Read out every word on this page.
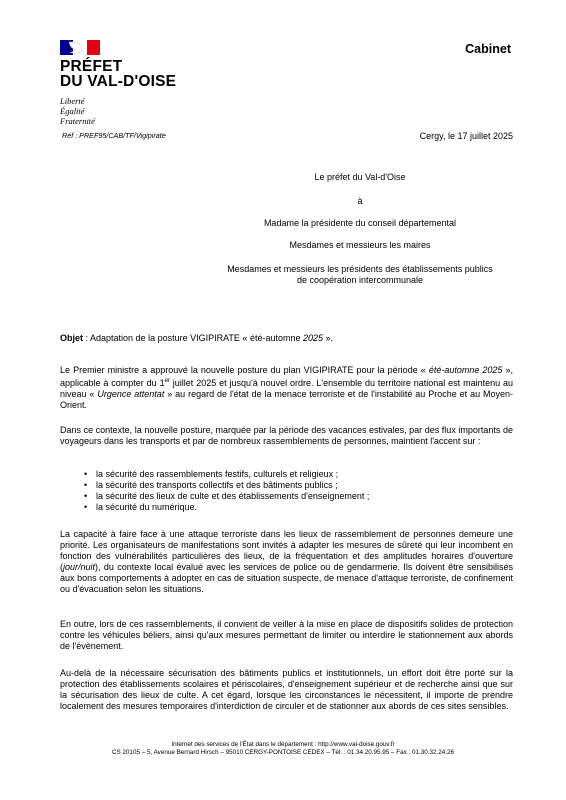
PRÉFET
DU VAL-D'OISE
Liberté
Égalité
Fraternité
Réf : PREF95/CAB/TF/Vigipirate
Cabinet
Cergy, le 17 juillet 2025
Le préfet du Val-d'Oise
à
Madame la présidente du conseil départemental
Mesdames et messieurs les maires
Mesdames et messieurs les présidents des établissements publics
de coopération intercommunale
Objet : Adaptation de la posture VIGIPIRATE « été-automne 2025 ».
Le Premier ministre a approuvé la nouvelle posture du plan VIGIPIRATE pour la période « été-automne 2025 », applicable à compter du 1er juillet 2025 et jusqu'à nouvel ordre. L'ensemble du territoire national est maintenu au niveau « Urgence attentat » au regard de l'état de la menace terroriste et de l'instabilité au Proche et au Moyen-Orient.
Dans ce contexte, la nouvelle posture, marquée par la période des vacances estivales, par des flux importants de voyageurs dans les transports et par de nombreux rassemblements de personnes, maintient l'accent sur :
• la sécurité des rassemblements festifs, culturels et religieux ;
• la sécurité des transports collectifs et des bâtiments publics ;
• la sécurité des lieux de culte et des établissements d'enseignement ;
• la sécurité du numérique.
La capacité à faire face à une attaque terroriste dans les lieux de rassemblement de personnes demeure une priorité. Les organisateurs de manifestations sont invités à adapter les mesures de sûreté qui leur incombent en fonction des vulnérabilités particulières des lieux, de la fréquentation et des amplitudes horaires d'ouverture (jour/nuit), du contexte local évalué avec les services de police ou de gendarmerie. Ils doivent être sensibilisés aux bons comportements à adopter en cas de situation suspecte, de menace d'attaque terroriste, de confinement ou d'évacuation selon les situations.
En outre, lors de ces rassemblements, il convient de veiller à la mise en place de dispositifs solides de protection contre les véhicules béliers, ainsi qu'aux mesures permettant de limiter ou interdire le stationnement aux abords de l'évènement.
Au-delà de la nécessaire sécurisation des bâtiments publics et institutionnels, un effort doit être porté sur la protection des établissements scolaires et périscolaires, d'enseignement supérieur et de recherche ainsi que sur la sécurisation des lieux de culte. A cet égard, lorsque les circonstances le nécessitent, il importe de prendre localement des mesures temporaires d'interdiction de circuler et de stationner aux abords de ces sites sensibles.
Internet des services de l'État dans le département : http://www.val-doise.gouv.fr
CS 20105 – 5, Avenue Bernard Hirsch – 95010 CERGY-PONTOISE CEDEX – Tél. : 01.34.20.95.95 – Fax : 01.30.32.24.26
